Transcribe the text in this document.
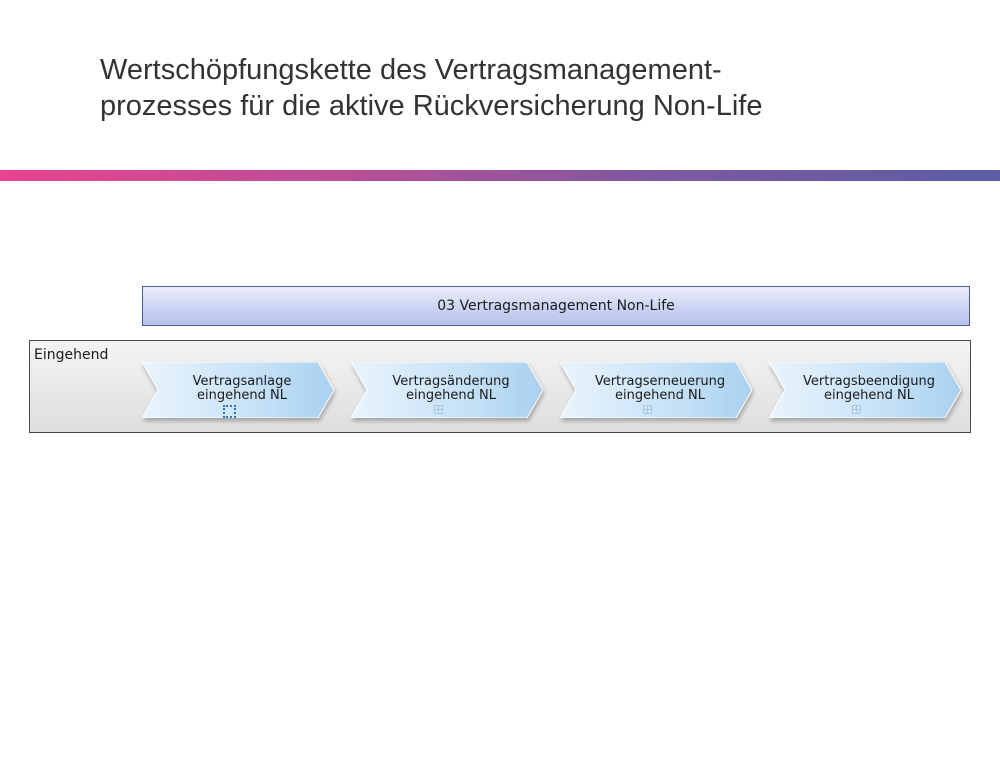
Wertschöpfungskette des Vertragsmanagement-
prozesses für die aktive Rückversicherung Non-Life
03 Vertragsmanagement Non-Life
Eingehend
Vertragsanlage
eingehend NL
Vertragsänderung
eingehend NL
Vertragserneuerung
eingehend NL
Vertragsbeendigung
eingehend NL
